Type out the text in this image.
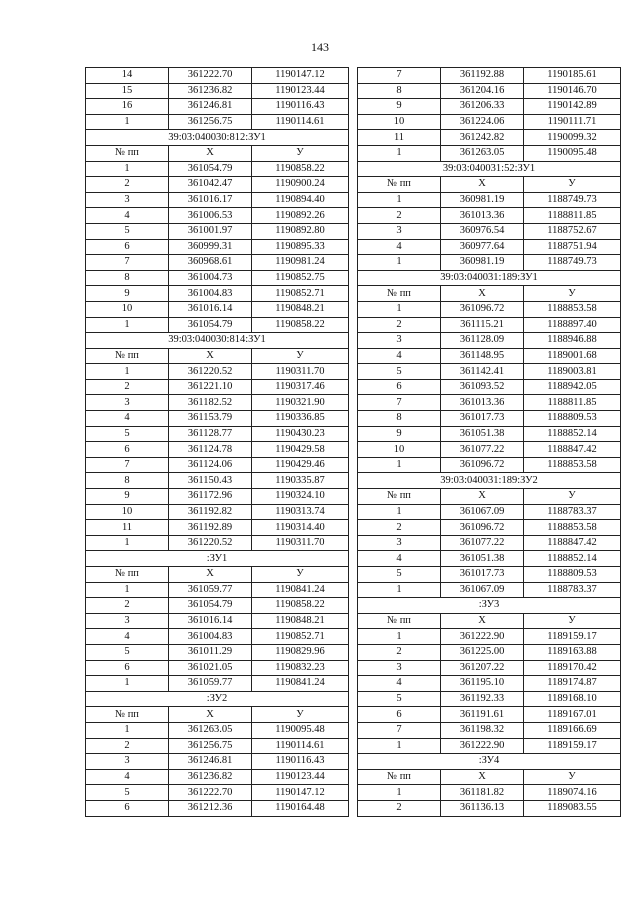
143
14	361222.70	1190147.12
15	361236.82	1190123.44
16	361246.81	1190116.43
1	361256.75	1190114.61
39:03:040030:812:ЗУ1		
№ пп	X	У
1	361054.79	1190858.22
2	361042.47	1190900.24
3	361016.17	1190894.40
4	361006.53	1190892.26
5	361001.97	1190892.80
6	360999.31	1190895.33
7	360968.61	1190981.24
8	361004.73	1190852.75
9	361004.83	1190852.71
10	361016.14	1190848.21
1	361054.79	1190858.22
39:03:040030:814:ЗУ1		
№ пп	X	У
1	361220.52	1190311.70
2	361221.10	1190317.46
3	361182.52	1190321.90
4	361153.79	1190336.85
5	361128.77	1190430.23
6	361124.78	1190429.58
7	361124.06	1190429.46
8	361150.43	1190335.87
9	361172.96	1190324.10
10	361192.82	1190313.74
11	361192.89	1190314.40
1	361220.52	1190311.70
:ЗУ1		
№ пп	X	У
1	361059.77	1190841.24
2	361054.79	1190858.22
3	361016.14	1190848.21
4	361004.83	1190852.71
5	361011.29	1190829.96
6	361021.05	1190832.23
1	361059.77	1190841.24
:ЗУ2		
№ пп	X	У
1	361263.05	1190095.48
2	361256.75	1190114.61
3	361246.81	1190116.43
4	361236.82	1190123.44
5	361222.70	1190147.12
6	361212.36	1190164.48
7	361192.88	1190185.61
8	361204.16	1190146.70
9	361206.33	1190142.89
10	361224.06	1190111.71
11	361242.82	1190099.32
1	361263.05	1190095.48
39:03:040031:52:ЗУ1		
№ пп	X	У
1	360981.19	1188749.73
2	361013.36	1188811.85
3	360976.54	1188752.67
4	360977.64	1188751.94
1	360981.19	1188749.73
39:03:040031:189:ЗУ1		
№ пп	X	У
1	361096.72	1188853.58
2	361115.21	1188897.40
3	361128.09	1188946.88
4	361148.95	1189001.68
5	361142.41	1189003.81
6	361093.52	1188942.05
7	361013.36	1188811.85
8	361017.73	1188809.53
9	361051.38	1188852.14
10	361077.22	1188847.42
1	361096.72	1188853.58
39:03:040031:189:ЗУ2		
№ пп	X	У
1	361067.09	1188783.37
2	361096.72	1188853.58
3	361077.22	1188847.42
4	361051.38	1188852.14
5	361017.73	1188809.53
1	361067.09	1188783.37
:ЗУ3		
№ пп	X	У
1	361222.90	1189159.17
2	361225.00	1189163.88
3	361207.22	1189170.42
4	361195.10	1189174.87
5	361192.33	1189168.10
6	361191.61	1189167.01
7	361198.32	1189166.69
1	361222.90	1189159.17
:ЗУ4		
№ пп	X	У
1	361181.82	1189074.16
2	361136.13	1189083.55
